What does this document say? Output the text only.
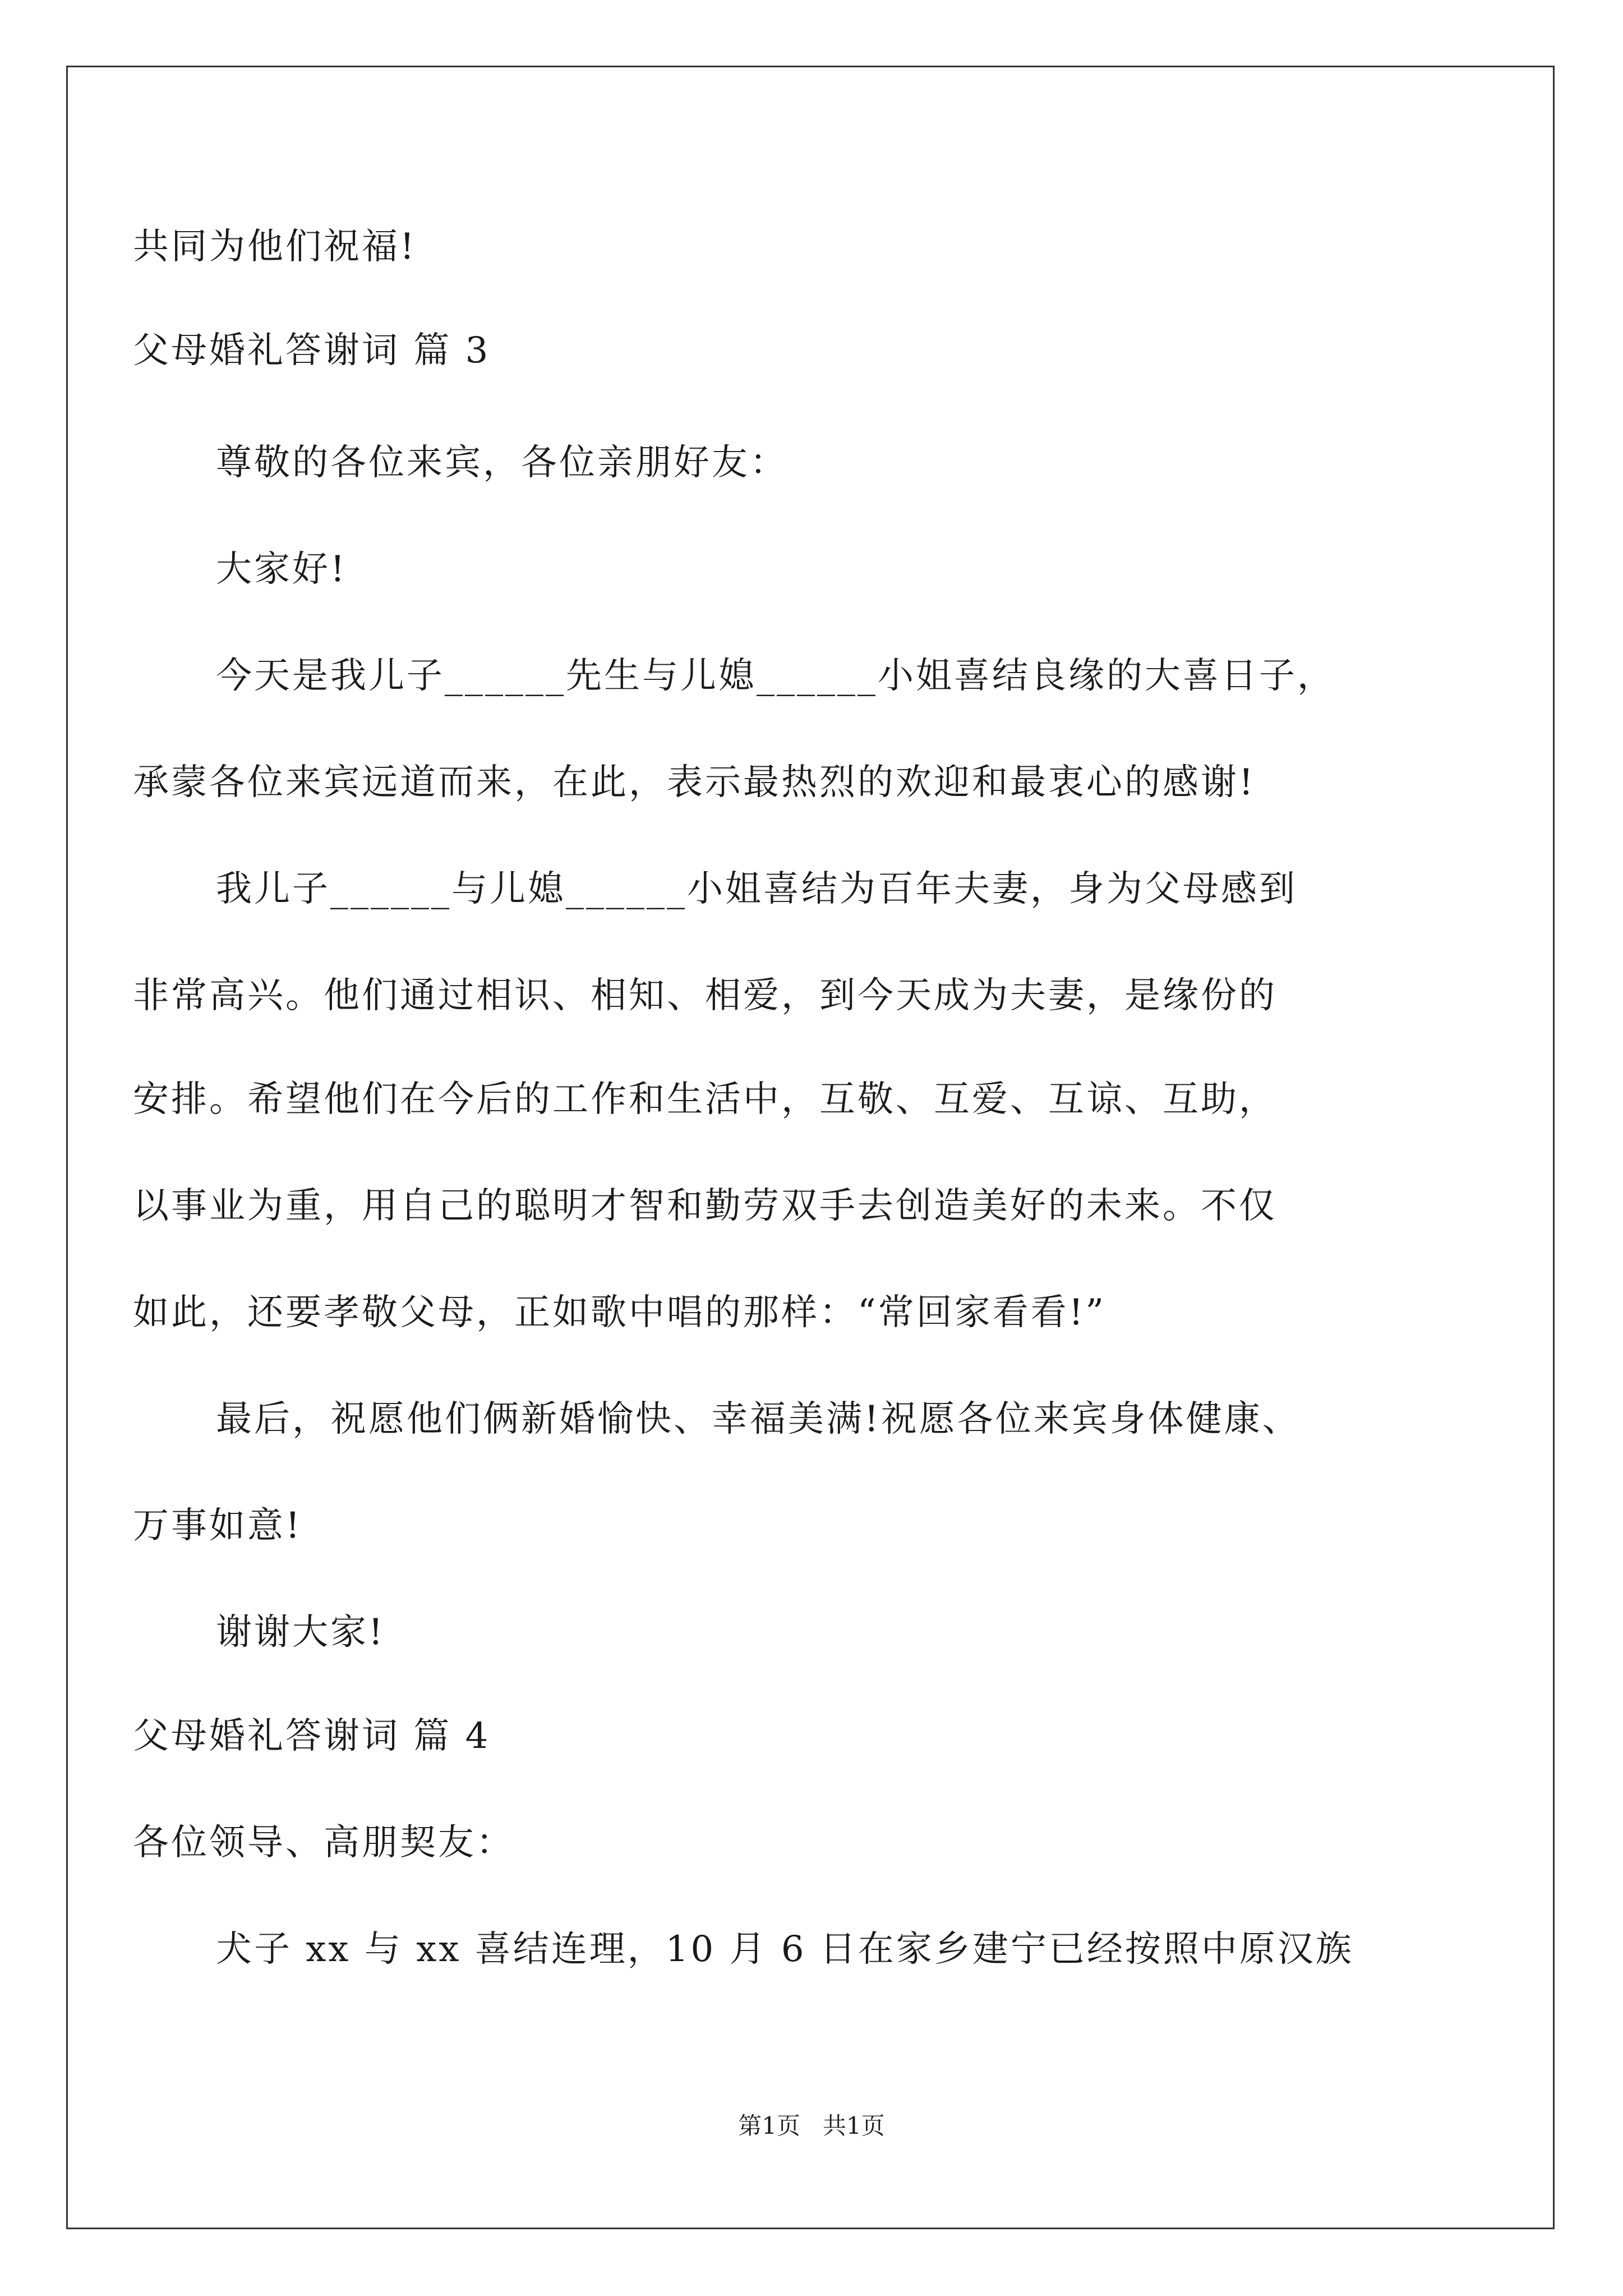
共同为他们祝福!
父母婚礼答谢词 篇 3
尊敬的各位来宾，各位亲朋好友：
大家好!
今天是我儿子______先生与儿媳______小姐喜结良缘的大喜日子，
承蒙各位来宾远道而来，在此，表示最热烈的欢迎和最衷心的感谢!
我儿子______与儿媳______小姐喜结为百年夫妻，身为父母感到
非常高兴。他们通过相识、相知、相爱，到今天成为夫妻，是缘份的
安排。希望他们在今后的工作和生活中，互敬、互爱、互谅、互助，
以事业为重，用自己的聪明才智和勤劳双手去创造美好的未来。不仅
如此，还要孝敬父母，正如歌中唱的那样：“常回家看看!”
最后，祝愿他们俩新婚愉快、幸福美满!祝愿各位来宾身体健康、
万事如意!
谢谢大家!
父母婚礼答谢词 篇 4
各位领导、高朋契友：
犬子 xx 与 xx 喜结连理，10 月 6 日在家乡建宁已经按照中原汉族
第1页 共1页
